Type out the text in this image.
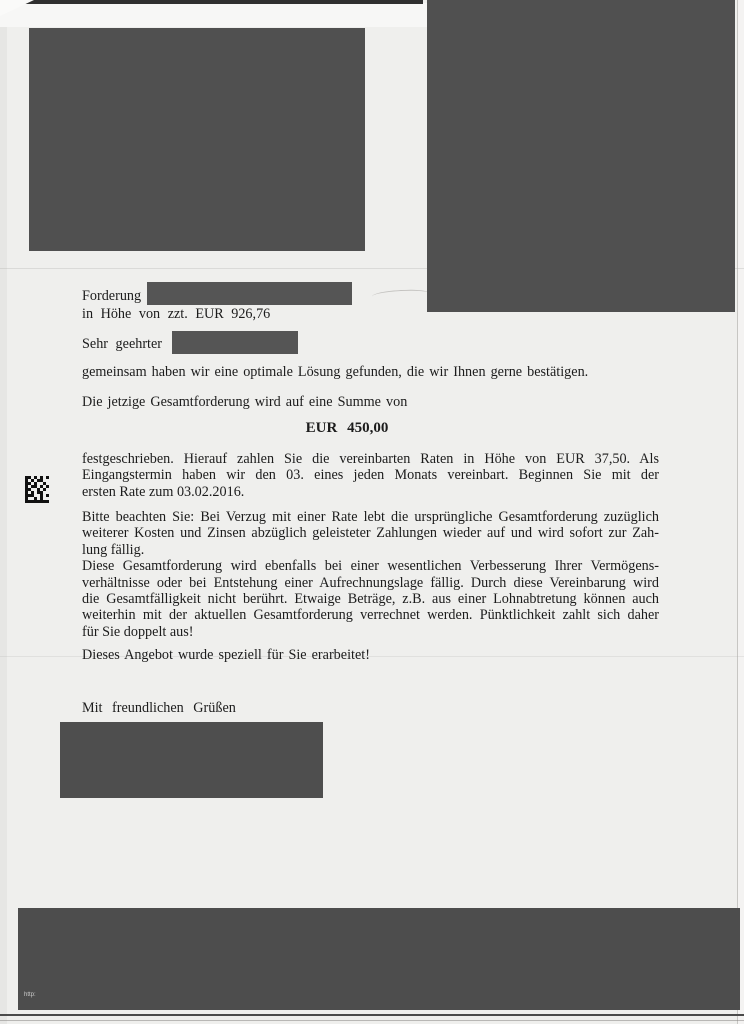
http:
Forderung
in Höhe von zzt. EUR 926,76
Sehr geehrter
gemeinsam haben wir eine optimale Lösung gefunden, die wir Ihnen gerne bestätigen.
Die jetzige Gesamtforderung wird auf eine Summe von
EUR 450,00
festgeschrieben. Hierauf zahlen Sie die vereinbarten Raten in Höhe von EUR 37,50. Als
Eingangstermin haben wir den 03. eines jeden Monats vereinbart. Beginnen Sie mit der
ersten Rate zum 03.02.2016.
Bitte beachten Sie: Bei Verzug mit einer Rate lebt die ursprüngliche Gesamtforderung zuzüglich
weiterer Kosten und Zinsen abzüglich geleisteter Zahlungen wieder auf und wird sofort zur Zah-
lung fällig.
Diese Gesamtforderung wird ebenfalls bei einer wesentlichen Verbesserung Ihrer Vermögens-
verhältnisse oder bei Entstehung einer Aufrechnungslage fällig. Durch diese Vereinbarung wird
die Gesamtfälligkeit nicht berührt. Etwaige Beträge, z.B. aus einer Lohnabtretung können auch
weiterhin mit der aktuellen Gesamtforderung verrechnet werden. Pünktlichkeit zahlt sich daher
für Sie doppelt aus!
Dieses Angebot wurde speziell für Sie erarbeitet!
Mit freundlichen Grüßen
